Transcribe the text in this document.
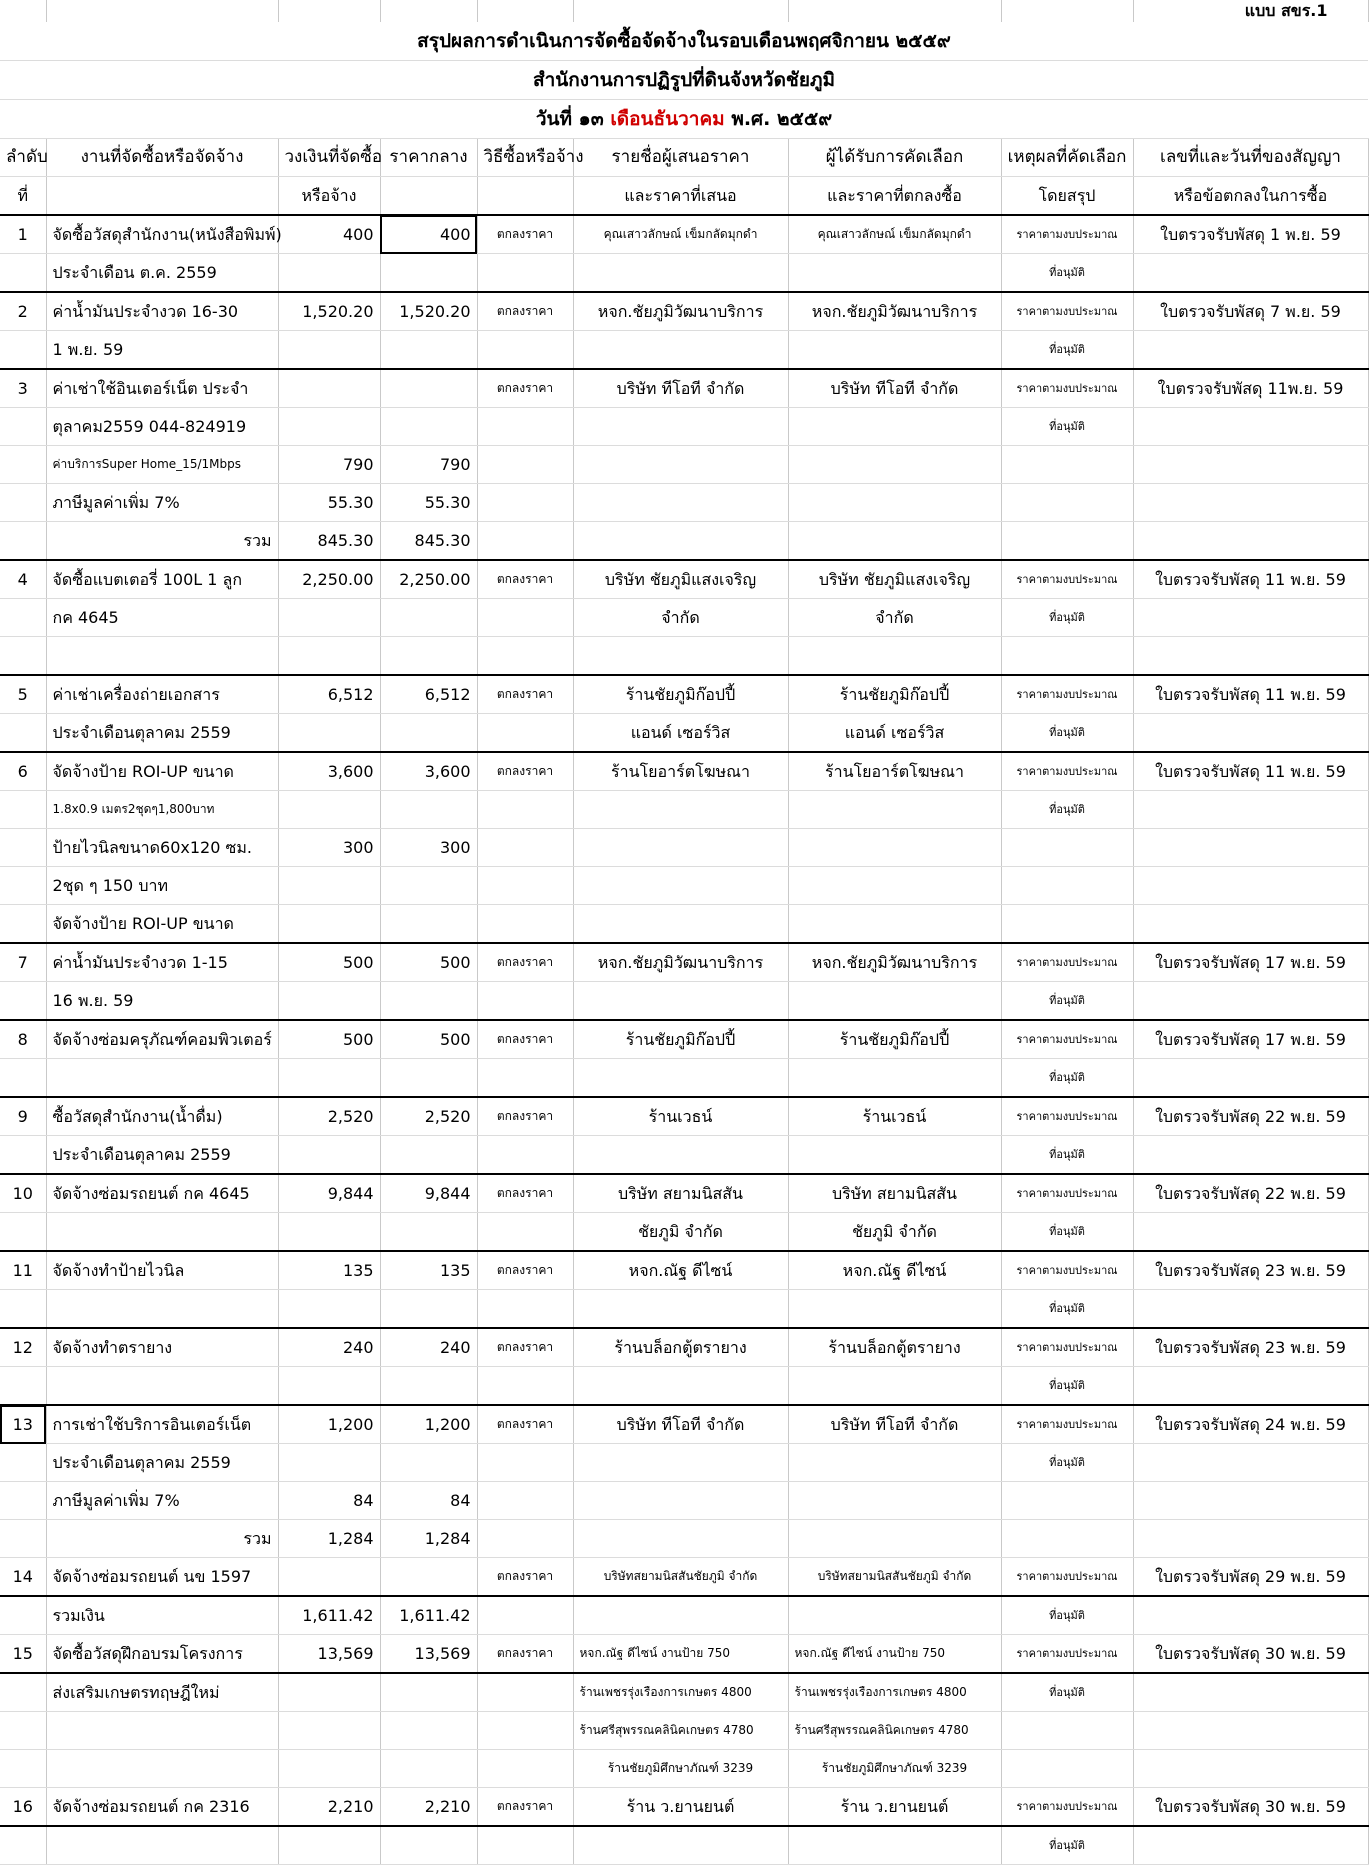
								แบบ สขร.1
สรุปผลการดำเนินการจัดซื้อจัดจ้างในรอบเดือนพฤศจิกายน ๒๕๕๙								
สำนักงานการปฏิรูปที่ดินจังหวัดชัยภูมิ								
วันที่ ๑๓ เดือนธันวาคม พ.ศ. ๒๕๕๙								
ลำดับ	งานที่จัดซื้อหรือจัดจ้าง	วงเงินที่จัดซื้อ	ราคากลาง	วิธีซื้อหรือจ้าง	รายชื่อผู้เสนอราคา	ผู้ได้รับการคัดเลือก	เหตุผลที่คัดเลือก	เลขที่และวันที่ของสัญญา
ที่		หรือจ้าง			และราคาที่เสนอ	และราคาที่ตกลงซื้อ	โดยสรุป	หรือข้อตกลงในการซื้อ
1	จัดซื้อวัสดุสำนักงาน(หนังสือพิมพ์)	400	400	ตกลงราคา	คุณเสาวลักษณ์ เข็มกลัดมุกดำ	คุณเสาวลักษณ์ เข็มกลัดมุกดำ	ราคาตามงบประมาณ	ใบตรวจรับพัสดุ 1 พ.ย. 59
	ประจำเดือน ต.ค. 2559						ที่อนุมัติ	
2	ค่าน้ำมันประจำงวด 16-30	1,520.20	1,520.20	ตกลงราคา	หจก.ชัยภูมิวัฒนาบริการ	หจก.ชัยภูมิวัฒนาบริการ	ราคาตามงบประมาณ	ใบตรวจรับพัสดุ 7 พ.ย. 59
	1 พ.ย. 59						ที่อนุมัติ	
3	ค่าเช่าใช้อินเตอร์เน็ต ประจำ			ตกลงราคา	บริษัท ทีโอที จำกัด	บริษัท ทีโอที จำกัด	ราคาตามงบประมาณ	ใบตรวจรับพัสดุ 11พ.ย. 59
	ตุลาคม2559 044-824919						ที่อนุมัติ	
	ค่าบริการSuper Home_15/1Mbps	790	790					
	ภาษีมูลค่าเพิ่ม 7%	55.30	55.30					
	รวม	845.30	845.30					
4	จัดซื้อแบตเตอรี่ 100L 1 ลูก	2,250.00	2,250.00	ตกลงราคา	บริษัท ชัยภูมิแสงเจริญ	บริษัท ชัยภูมิแสงเจริญ	ราคาตามงบประมาณ	ใบตรวจรับพัสดุ 11 พ.ย. 59
	กค 4645				จำกัด	จำกัด	ที่อนุมัติ	

5	ค่าเช่าเครื่องถ่ายเอกสาร	6,512	6,512	ตกลงราคา	ร้านชัยภูมิก๊อปปี้	ร้านชัยภูมิก๊อปปี้	ราคาตามงบประมาณ	ใบตรวจรับพัสดุ 11 พ.ย. 59
	ประจำเดือนตุลาคม 2559				แอนด์ เซอร์วิส	แอนด์ เซอร์วิส	ที่อนุมัติ	
6	จัดจ้างป้าย ROI-UP ขนาด	3,600	3,600	ตกลงราคา	ร้านโยอาร์ตโฆษณา	ร้านโยอาร์ตโฆษณา	ราคาตามงบประมาณ	ใบตรวจรับพัสดุ 11 พ.ย. 59
	1.8x0.9 เมตร2ชุดๆ1,800บาท						ที่อนุมัติ	
	ป้ายไวนิลขนาด60x120 ซม.	300	300					
	2ชุด ๆ 150 บาท							
	จัดจ้างป้าย ROI-UP ขนาด							
7	ค่าน้ำมันประจำงวด 1-15	500	500	ตกลงราคา	หจก.ชัยภูมิวัฒนาบริการ	หจก.ชัยภูมิวัฒนาบริการ	ราคาตามงบประมาณ	ใบตรวจรับพัสดุ 17 พ.ย. 59
	16 พ.ย. 59						ที่อนุมัติ	
8	จัดจ้างซ่อมครุภัณฑ์คอมพิวเตอร์	500	500	ตกลงราคา	ร้านชัยภูมิก๊อปปี้	ร้านชัยภูมิก๊อปปี้	ราคาตามงบประมาณ	ใบตรวจรับพัสดุ 17 พ.ย. 59
							ที่อนุมัติ	
9	ซื้อวัสดุสำนักงาน(น้ำดื่ม)	2,520	2,520	ตกลงราคา	ร้านเวธน์	ร้านเวธน์	ราคาตามงบประมาณ	ใบตรวจรับพัสดุ 22 พ.ย. 59
	ประจำเดือนตุลาคม 2559						ที่อนุมัติ	
10	จัดจ้างซ่อมรถยนต์ กค 4645	9,844	9,844	ตกลงราคา	บริษัท สยามนิสสัน	บริษัท สยามนิสสัน	ราคาตามงบประมาณ	ใบตรวจรับพัสดุ 22 พ.ย. 59
					ชัยภูมิ จำกัด	ชัยภูมิ จำกัด	ที่อนุมัติ	
11	จัดจ้างทำป้ายไวนิล	135	135	ตกลงราคา	หจก.ณัฐ ดีไซน์	หจก.ณัฐ ดีไซน์	ราคาตามงบประมาณ	ใบตรวจรับพัสดุ 23 พ.ย. 59
							ที่อนุมัติ	
12	จัดจ้างทำตรายาง	240	240	ตกลงราคา	ร้านบล็อกตู้ตรายาง	ร้านบล็อกตู้ตรายาง	ราคาตามงบประมาณ	ใบตรวจรับพัสดุ 23 พ.ย. 59
							ที่อนุมัติ	
13	การเช่าใช้บริการอินเตอร์เน็ต	1,200	1,200	ตกลงราคา	บริษัท ทีโอที จำกัด	บริษัท ทีโอที จำกัด	ราคาตามงบประมาณ	ใบตรวจรับพัสดุ 24 พ.ย. 59
	ประจำเดือนตุลาคม 2559						ที่อนุมัติ	
	ภาษีมูลค่าเพิ่ม 7%	84	84					
	รวม	1,284	1,284					
14	จัดจ้างซ่อมรถยนต์ นข 1597			ตกลงราคา	บริษัทสยามนิสสันชัยภูมิ จำกัด	บริษัทสยามนิสสันชัยภูมิ จำกัด	ราคาตามงบประมาณ	ใบตรวจรับพัสดุ 29 พ.ย. 59
	รวมเงิน	1,611.42	1,611.42				ที่อนุมัติ	
15	จัดซื้อวัสดุฝึกอบรมโครงการ	13,569	13,569	ตกลงราคา	หจก.ณัฐ ดีไซน์ งานป้าย 750	หจก.ณัฐ ดีไซน์ งานป้าย 750	ราคาตามงบประมาณ	ใบตรวจรับพัสดุ 30 พ.ย. 59
	ส่งเสริมเกษตรทฤษฎีใหม่				ร้านเพชรรุ่งเรืองการเกษตร 4800	ร้านเพชรรุ่งเรืองการเกษตร 4800	ที่อนุมัติ	
					ร้านศรีสุพรรณคลินิคเกษตร 4780	ร้านศรีสุพรรณคลินิคเกษตร 4780		
					ร้านชัยภูมิศึกษาภัณฑ์ 3239	ร้านชัยภูมิศึกษาภัณฑ์ 3239		
16	จัดจ้างซ่อมรถยนต์ กค 2316	2,210	2,210	ตกลงราคา	ร้าน ว.ยานยนต์	ร้าน ว.ยานยนต์	ราคาตามงบประมาณ	ใบตรวจรับพัสดุ 30 พ.ย. 59
							ที่อนุมัติ	
